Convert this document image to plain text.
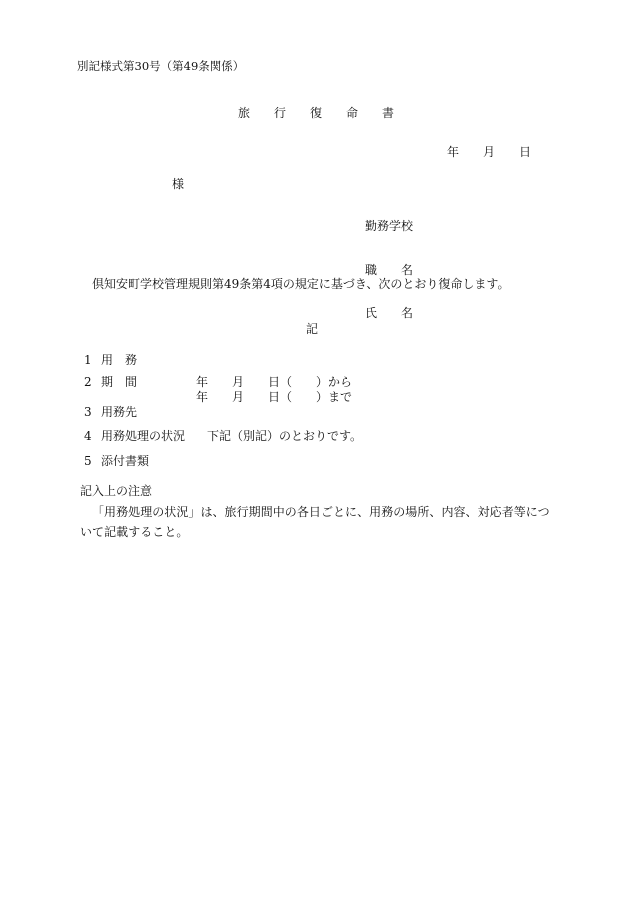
別記様式第30号（第49条関係）
旅　　行　　復　　命　　書
年　　月　　日
様

勤務学校

職　　名

氏　　名

倶知安町学校管理規則第49条第4項の規定に基づき、次のとおり復命します。
記
1 用　務
2 期　間	年　　月　　日（　　）から
年　　月　　日（　　）まで
3 用務先
4 用務処理の状況 下記（別記）のとおりです。
5 添付書類
記入上の注意
「用務処理の状況」は、旅行期間中の各日ごとに、用務の場所、内容、対応者等について記載すること。
